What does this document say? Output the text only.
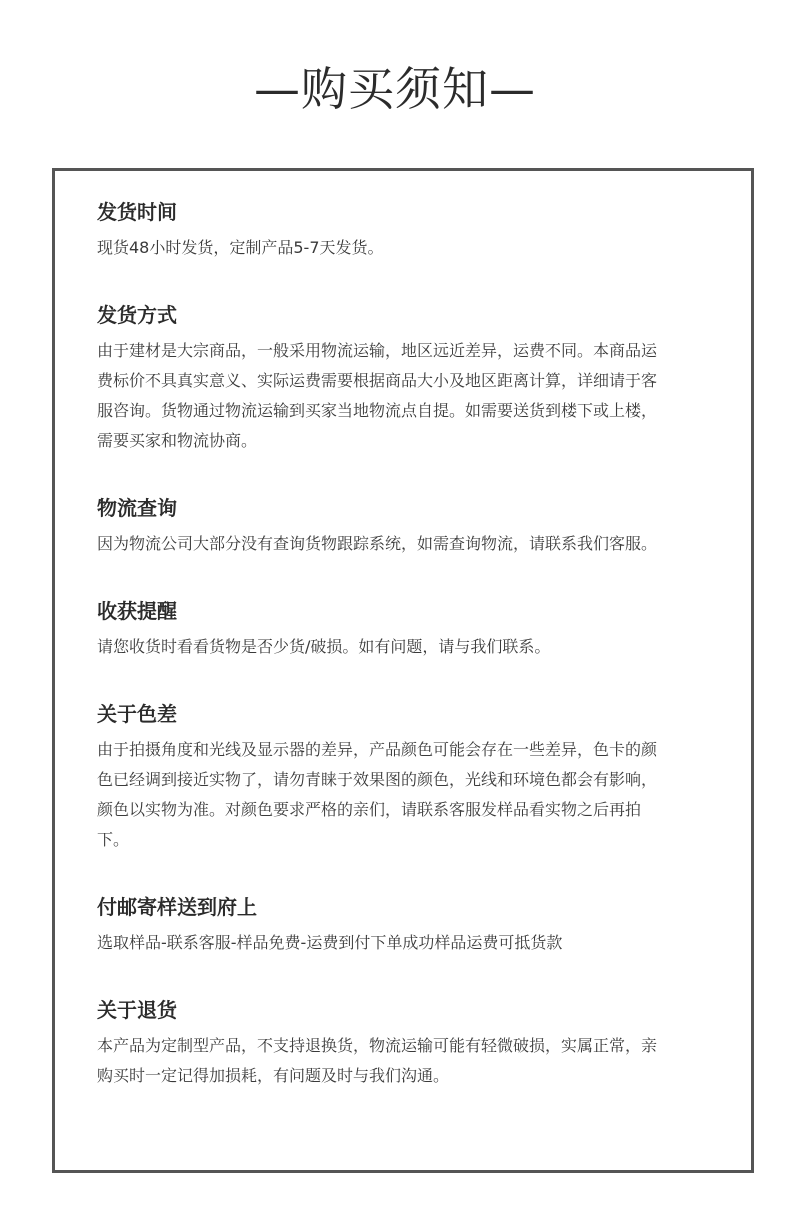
—购买须知—
发货时间

现货48小时发货，定制产品5-7天发货。

发货方式

由于建材是大宗商品，一般采用物流运输，地区远近差异，运费不同。本商品运费标价不具真实意义、实际运费需要根据商品大小及地区距离计算，详细请于客服咨询。货物通过物流运输到买家当地物流点自提。如需要送货到楼下或上楼，需要买家和物流协商。

物流查询

因为物流公司大部分没有查询货物跟踪系统，如需查询物流，请联系我们客服。

收获提醒

请您收货时看看货物是否少货/破损。如有问题，请与我们联系。

关于色差

由于拍摄角度和光线及显示器的差异，产品颜色可能会存在一些差异，色卡的颜色已经调到接近实物了，请勿青睐于效果图的颜色，光线和环境色都会有影响，颜色以实物为准。对颜色要求严格的亲们，请联系客服发样品看实物之后再拍下。

付邮寄样送到府上

选取样品-联系客服-样品免费-运费到付下单成功样品运费可抵货款

关于退货

本产品为定制型产品，不支持退换货，物流运输可能有轻微破损，实属正常，亲购买时一定记得加损耗，有问题及时与我们沟通。
